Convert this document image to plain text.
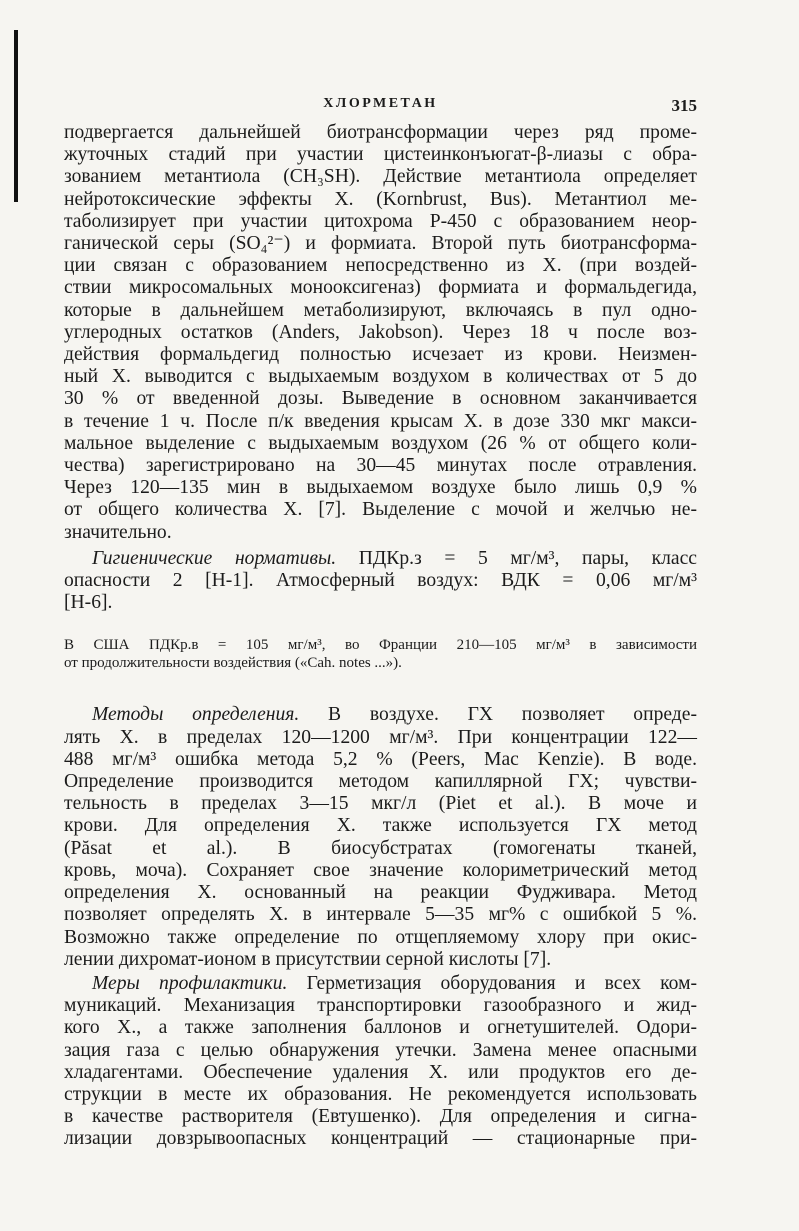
ХЛОРМЕТАН	315
подвергается дальнейшей биотрансформации через ряд проме-
жуточных стадий при участии цистеинконъюгат-β-лиазы с обра-
зованием метантиола (CH₃SH). Действие метантиола определяет
нейротоксические эффекты X. (Kornbrust, Bus). Метантиол ме-
таболизирует при участии цитохрома P-450 с образованием неор-
ганической серы (SO₄²⁻) и формиата. Второй путь биотрансформа-
ции связан с образованием непосредственно из X. (при воздей-
ствии микросомальных монооксигеназ) формиата и формальдегида,
которые в дальнейшем метаболизируют, включаясь в пул одно-
углеродных остатков (Anders, Jakobson). Через 18 ч после воз-
действия формальдегид полностью исчезает из крови. Неизмен-
ный X. выводится с выдыхаемым воздухом в количествах от 5 до
30 % от введенной дозы. Выведение в основном заканчивается
в течение 1 ч. После п/к введения крысам X. в дозе 330 мкг макси-
мальное выделение с выдыхаемым воздухом (26 % от общего коли-
чества) зарегистрировано на 30—45 минутах после отравления.
Через 120—135 мин в выдыхаемом воздухе было лишь 0,9 %
от общего количества X. [7]. Выделение с мочой и желчью не-
значительно.
Гигиенические нормативы. ПДКр.з = 5 мг/м³, пары, класс
опасности 2 [Н-1]. Атмосферный воздух: ВДК = 0,06 мг/м³
[Н-6].
В США ПДКр.в = 105 мг/м³, во Франции 210—105 мг/м³ в зависимости
от продолжительности воздействия («Cah. notes ...»).
Методы определения. В воздухе. ГХ позволяет опреде-
лять X. в пределах 120—1200 мг/м³. При концентрации 122—
488 мг/м³ ошибка метода 5,2 % (Peers, Mac Kenzie). В воде.
Определение производится методом капиллярной ГХ; чувстви-
тельность в пределах 3—15 мкг/л (Piet et al.). В моче и
крови. Для определения X. также используется ГХ метод
(Păsat et al.). В биосубстратах (гомогенаты тканей,
кровь, моча). Сохраняет свое значение колориметрический метод
определения X. основанный на реакции Фудживара. Метод
позволяет определять X. в интервале 5—35 мг% с ошибкой 5 %.
Возможно также определение по отщепляемому хлору при окис-
лении дихромат-ионом в присутствии серной кислоты [7].
Меры профилактики. Герметизация оборудования и всех ком-
муникаций. Механизация транспортировки газообразного и жид-
кого X., а также заполнения баллонов и огнетушителей. Одори-
зация газа с целью обнаружения утечки. Замена менее опасными
хладагентами. Обеспечение удаления X. или продуктов его де-
струкции в месте их образования. Не рекомендуется использовать
в качестве растворителя (Евтушенко). Для определения и сигна-
лизации довзрывоопасных концентраций — стационарные при-
